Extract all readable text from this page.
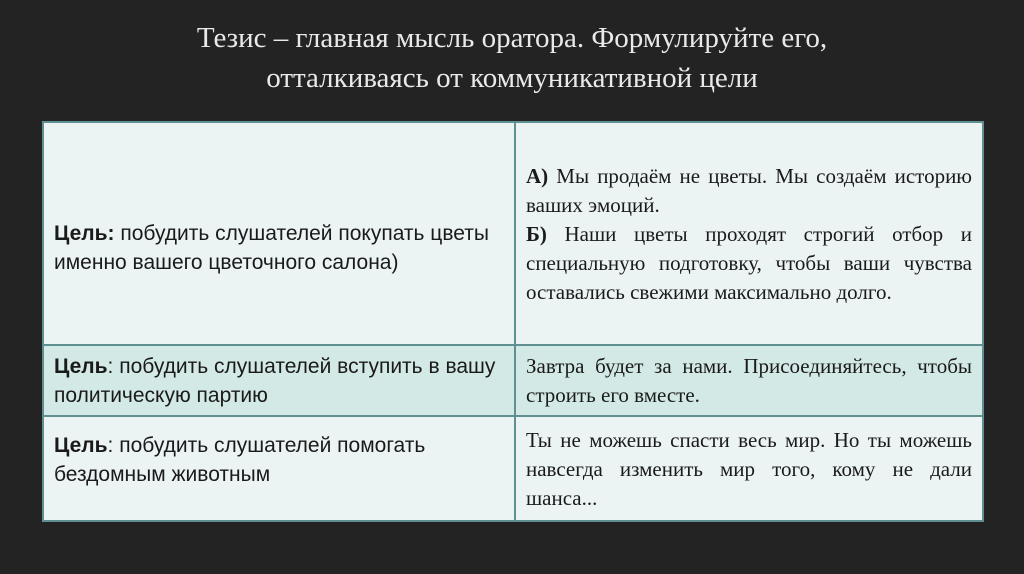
Тезис – главная мысль оратора. Формулируйте его,
отталкиваясь от коммуникативной цели
Цель: побудить слушателей покупать цветы именно вашего цветочного салона)	А) Мы продаём не цветы. Мы создаём историю ваших эмоций.
Б) Наши цветы проходят строгий отбор и специальную подготовку, чтобы ваши чувства оставались свежими максимально долго.

Цель: побудить слушателей вступить в вашу политическую партию	Завтра будет за нами. Присоединяйтесь, чтобы строить его вместе.
Цель: побудить слушателей помогать бездомным животным	Ты не можешь спасти весь мир. Но ты можешь навсегда изменить мир того, кому не дали шанса...
